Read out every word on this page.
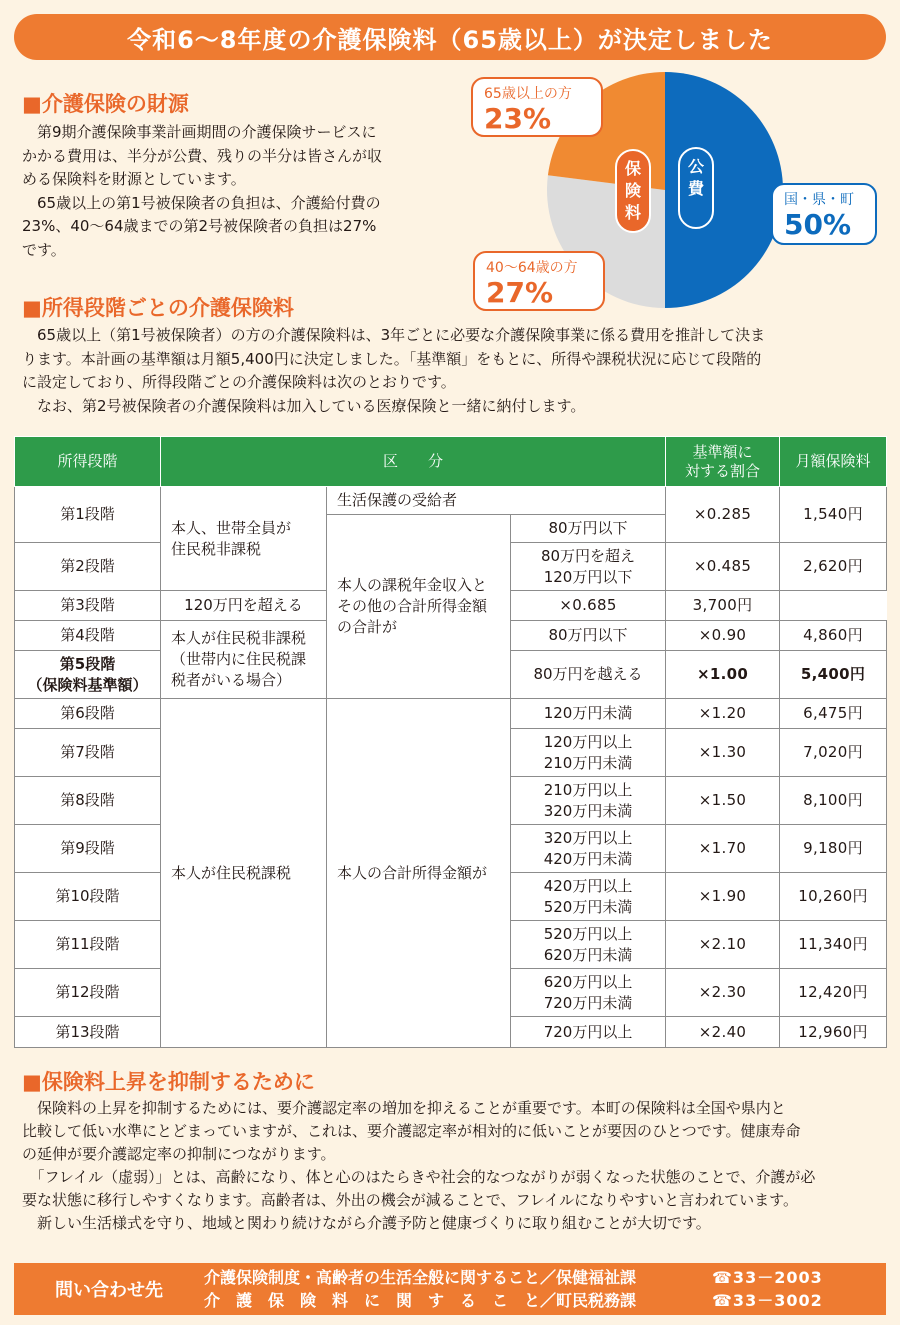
令和6～8年度の介護保険料（65歳以上）が決定しました
■介護保険の財源
　第9期介護保険事業計画期間の介護保険サービスに
かかる費用は、半分が公費、残りの半分は皆さんが収
める保険料を財源としています。
　65歳以上の第1号被保険者の負担は、介護給付費の
23%、40～64歳までの第2号被保険者の負担は27%
です。
公
費
保
険
料
65歳以上の方
23%
40～64歳の方
27%
国・県・町
50%
■所得段階ごとの介護保険料
　65歳以上（第1号被保険者）の方の介護保険料は、3年ごとに必要な介護保険事業に係る費用を推計して決ま
ります。本計画の基準額は月額5,400円に決定しました。「基準額」をもとに、所得や課税状況に応じて段階的
に設定しており、所得段階ごとの介護保険料は次のとおりです。
　なお、第2号被保険者の介護保険料は加入している医療保険と一緒に納付します。
所得段階	区　　分			基準額に
対する割合	月額保険料
第1段階	本人、世帯全員が
住民税非課税	生活保護の受給者		×0.285	1,540円
		本人の課税年金収入と
その他の合計所得金額
の合計が	80万円以下		
第2段階			80万円を超え
120万円以下	×0.485	2,620円
第3段階	120万円を超える		×0.685	3,700円	
第4段階	本人が住民税非課税
（世帯内に住民税課
税者がいる場合）		80万円以下	×0.90	4,860円
第5段階
（保険料基準額）			80万円を越える	×1.00	5,400円
第6段階	本人が住民税課税	本人の合計所得金額が	120万円未満	×1.20	6,475円
第7段階			120万円以上
210万円未満	×1.30	7,020円
第8段階			210万円以上
320万円未満	×1.50	8,100円
第9段階			320万円以上
420万円未満	×1.70	9,180円
第10段階			420万円以上
520万円未満	×1.90	10,260円
第11段階			520万円以上
620万円未満	×2.10	11,340円
第12段階			620万円以上
720万円未満	×2.30	12,420円
第13段階			720万円以上	×2.40	12,960円
■保険料上昇を抑制するために
　保険料の上昇を抑制するためには、要介護認定率の増加を抑えることが重要です。本町の保険料は全国や県内と
比較して低い水準にとどまっていますが、これは、要介護認定率が相対的に低いことが要因のひとつです。健康寿命
の延伸が要介護認定率の抑制につながります。
　「フレイル（虚弱）」とは、高齢になり、体と心のはたらきや社会的なつながりが弱くなった状態のことで、介護が必
要な状態に移行しやすくなります。高齢者は、外出の機会が減ることで、フレイルになりやすいと言われています。
　新しい生活様式を守り、地域と関わり続けながら介護予防と健康づくりに取り組むことが大切です。
問い合わせ先
介護保険制度・高齢者の生活全般に関すること／保健福祉課	☎33－2003
介　護　保　険　料　に　関　す　る　こ　と／町民税務課	☎33－3002
